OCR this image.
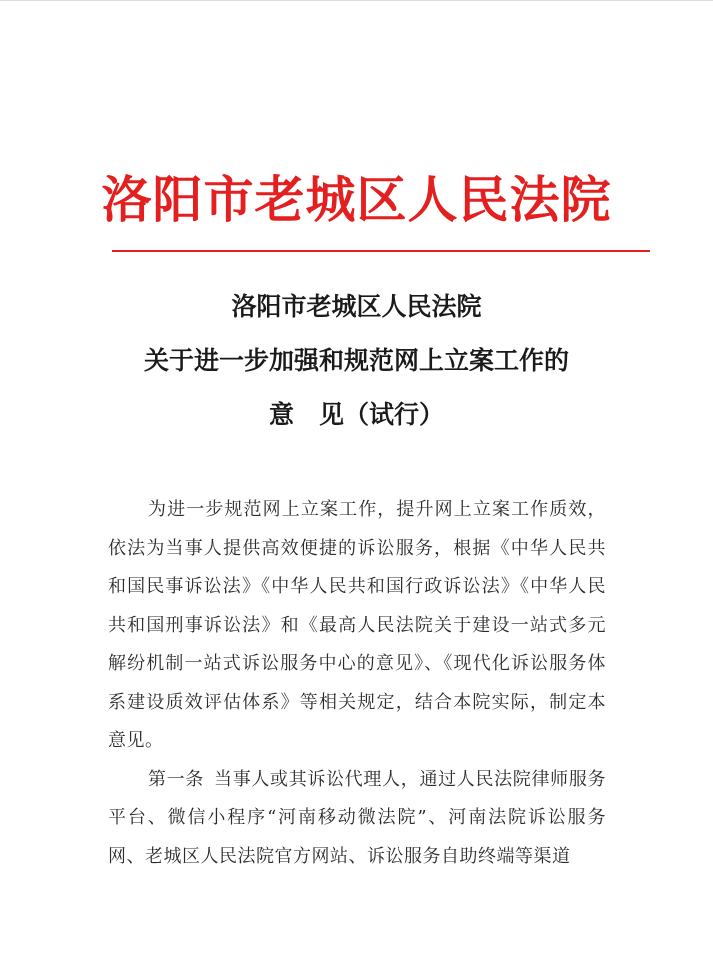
洛阳市老城区人民法院
洛阳市老城区人民法院
关于进一步加强和规范网上立案工作的
意　见（试行）

为进一步规范网上立案工作，提升网上立案工作质效，依法为当事人提供高效便捷的诉讼服务，根据《中华人民共和国民事诉讼法》《中华人民共和国行政诉讼法》《中华人民共和国刑事诉讼法》和《最高人民法院关于建设一站式多元解纷机制一站式诉讼服务中心的意见》、《现代化诉讼服务体系建设质效评估体系》等相关规定，结合本院实际，制定本意见。

第一条 当事人或其诉讼代理人，通过人民法院律师服务平台、微信小程序“河南移动微法院”、河南法院诉讼服务网、老城区人民法院官方网站、诉讼服务自助终端等渠道
